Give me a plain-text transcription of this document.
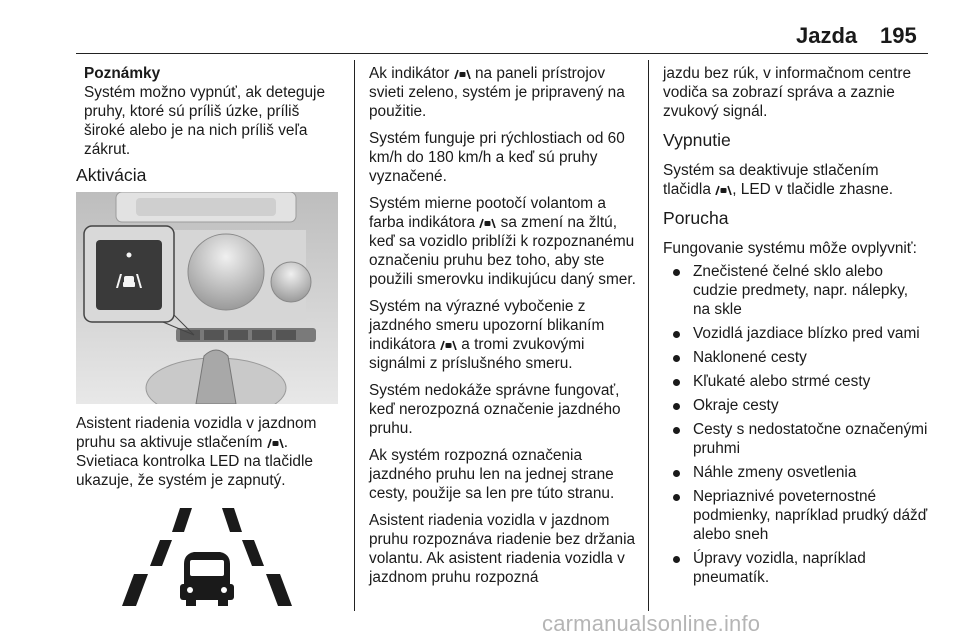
Jazda 195
Poznámky
Systém možno vypnúť, ak deteguje pruhy, ktoré sú príliš úzke, príliš široké alebo je na nich príliš veľa zákrut.
Aktivácia

Asistent riadenia vozidla v jazdnom pruhu sa aktivuje stlačením . Svietiaca kontrolka LED na tlačidle ukazuje, že systém je zapnutý.

Ak indikátor na paneli prístrojov svieti zeleno, systém je pripravený na použitie.

Systém funguje pri rýchlostiach od 60 km/h do 180 km/h a keď sú pruhy vyznačené.

Systém mierne pootočí volantom a farba indikátora sa zmení na žltú, keď sa vozidlo priblíži k rozpoznanému označeniu pruhu bez toho, aby ste použili smerovku indikujúcu daný smer.

Systém na výrazné vybočenie z jazdného smeru upozorní blikaním indikátora a tromi zvukovými signálmi z príslušného smeru.

Systém nedokáže správne fungovať, keď nerozpozná označenie jazdného pruhu.

Ak systém rozpozná označenia jazdného pruhu len na jednej strane cesty, použije sa len pre túto stranu.

Asistent riadenia vozidla v jazdnom pruhu rozpoznáva riadenie bez držania volantu. Ak asistent riadenia vozidla v jazdnom pruhu rozpozná

jazdu bez rúk, v informačnom centre vodiča sa zobrazí správa a zaznie zvukový signál.

Vypnutie

Systém sa deaktivuje stlačením tlačidla , LED v tlačidle zhasne.

Porucha

Fungovanie systému môže ovplyvniť:

Znečistené čelné sklo alebo cudzie predmety, napr. nálepky, na skle
Vozidlá jazdiace blízko pred vami
Naklonené cesty
Kľukaté alebo strmé cesty
Okraje cesty
Cesty s nedostatočne označenými pruhmi
Náhle zmeny osvetlenia
Nepriaznivé poveternostné podmienky, napríklad prudký dážď alebo sneh
Úpravy vozidla, napríklad pneumatík.
carmanualsonline.info
